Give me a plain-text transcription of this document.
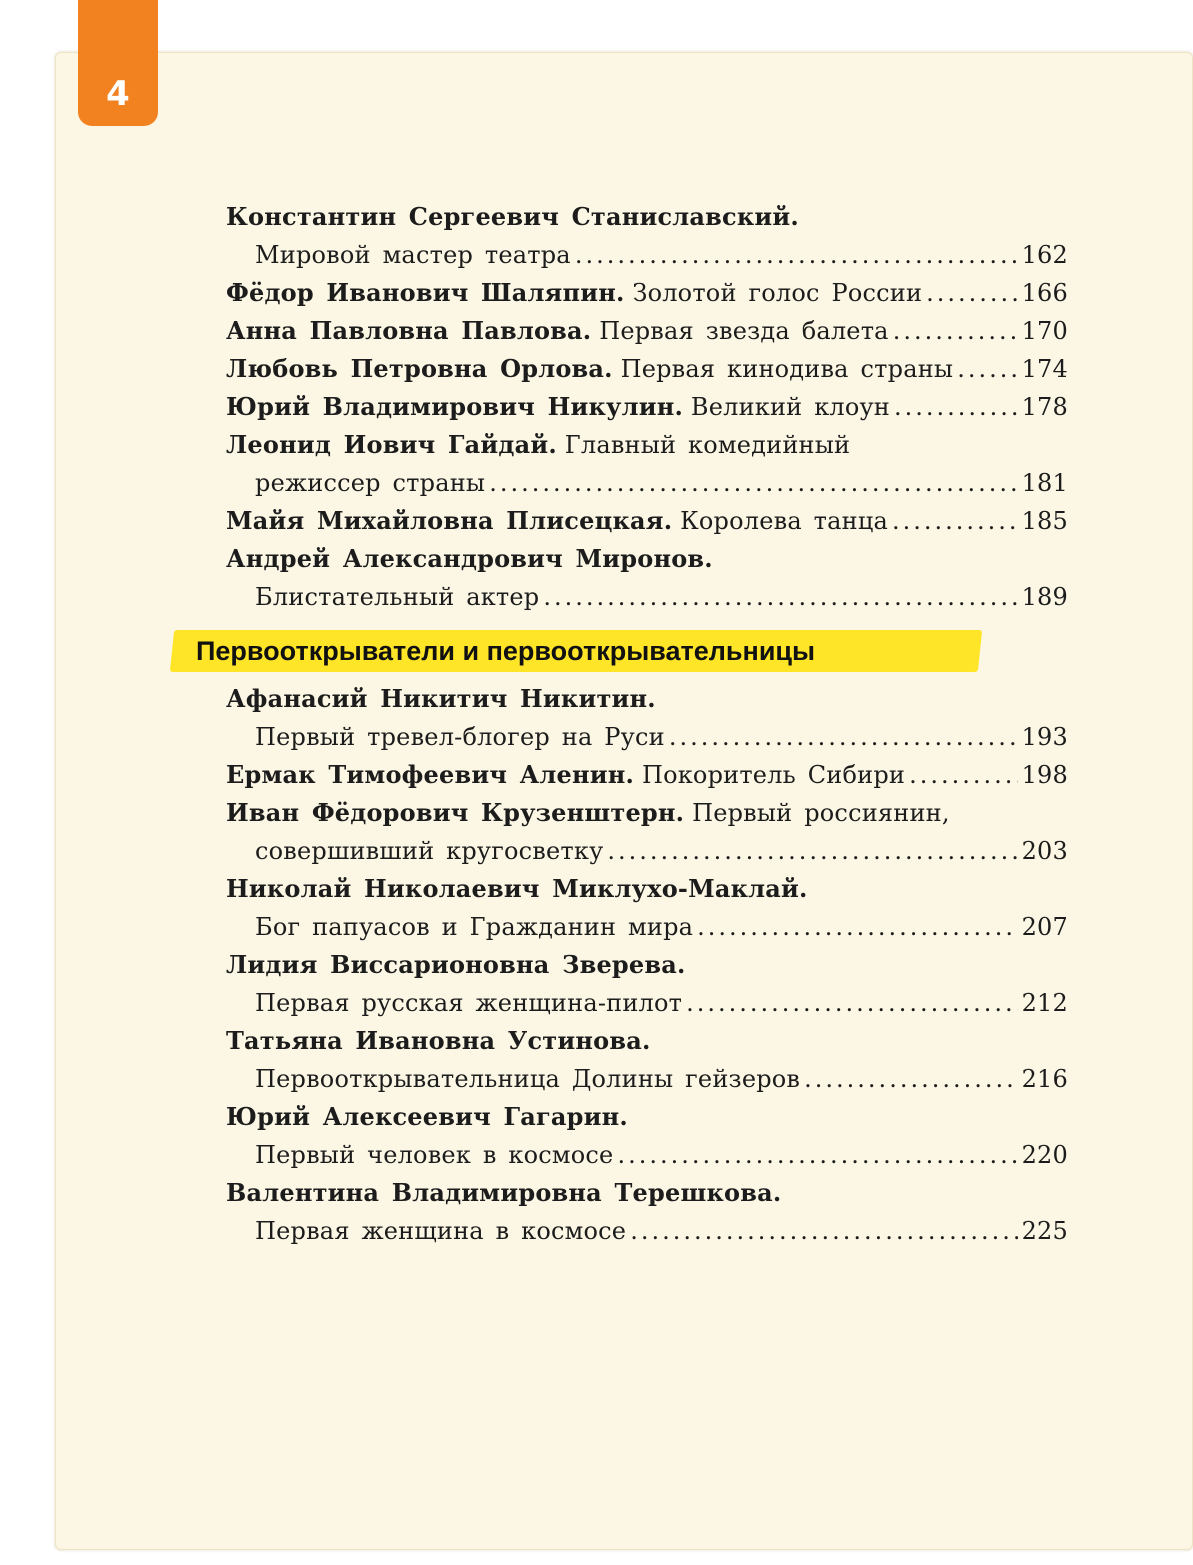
4
Константин Сергеевич Станиславский.
Мировой мастер театра .....	162
Фёдор Иванович Шаляпин.
Золотой голос России .....	166
Анна Павловна Павлова.
Первая звезда балета .....	170
Любовь Петровна Орлова.
Первая кинодива страны .....	174
Юрий Владимирович Никулин.
Великий клоун .....	178
Леонид Иович Гайдай.
Главный комедийный
режиссер страны .....	181
Майя Михайловна Плисецкая.
Королева танца .....	185
Андрей Александрович Миронов.
Блистательный актер .....	189
Первооткрыватели и первооткрывательницы
Афанасий Никитич Никитин.
Первый тревел-блогер на Руси .....	193
Ермак Тимофеевич Аленин.
Покоритель Сибири .....	198
Иван Фёдорович Крузенштерн.
Первый россиянин,
совершивший кругосветку .....	203
Николай Николаевич Миклухо-Маклай.
Бог папуасов и Гражданин мира .....	207
Лидия Виссарионовна Зверева.
Первая русская женщина-пилот .....	212
Татьяна Ивановна Устинова.
Первооткрывательница Долины гейзеров .....	216
Юрий Алексеевич Гагарин.
Первый человек в космосе .....	220
Валентина Владимировна Терешкова.
Первая женщина в космосе .....	225
